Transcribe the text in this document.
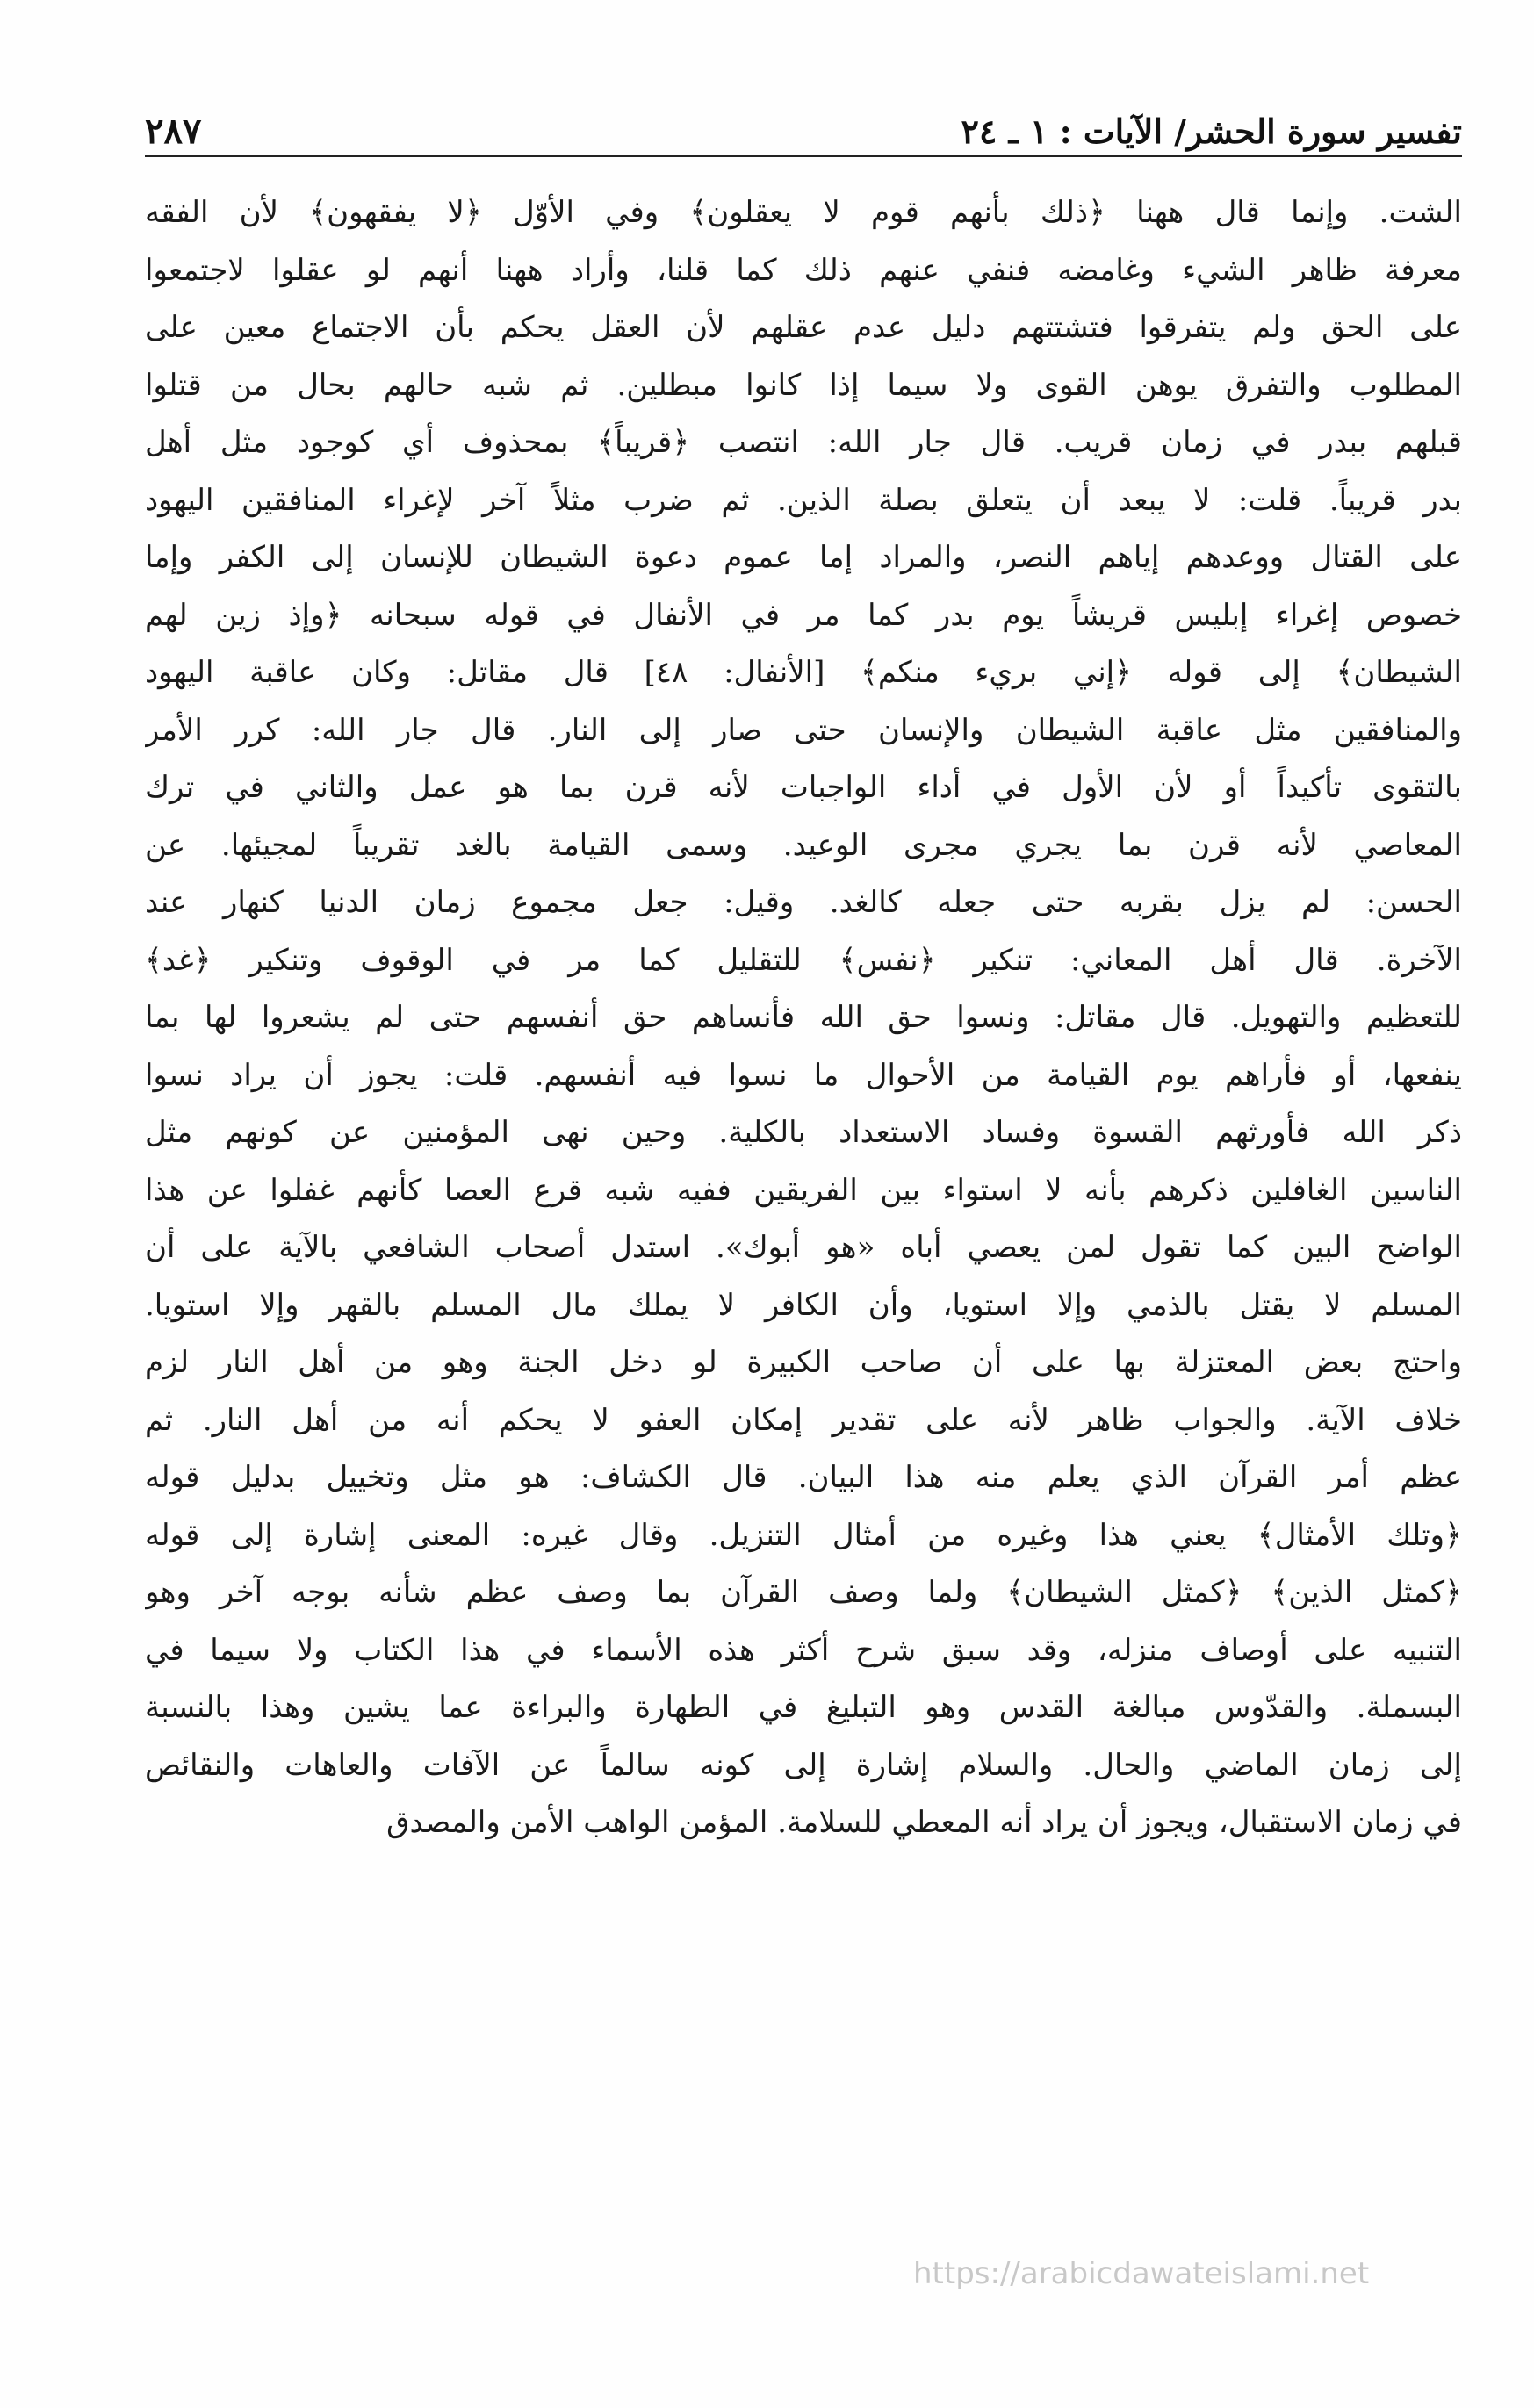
تفسير سورة الحشر/ الآيات : ١ ـ ٢٤
٢٨٧
الشت. وإنما قال ههنا ﴿ذلك بأنهم قوم لا يعقلون﴾ وفي الأوّل ﴿لا يفقهون﴾ لأن الفقه
معرفة ظاهر الشيء وغامضه فنفي عنهم ذلك كما قلنا، وأراد ههنا أنهم لو عقلوا لاجتمعوا
على الحق ولم يتفرقوا فتشتتهم دليل عدم عقلهم لأن العقل يحكم بأن الاجتماع معين على
المطلوب والتفرق يوهن القوى ولا سيما إذا كانوا مبطلين. ثم شبه حالهم بحال من قتلوا
قبلهم ببدر في زمان قريب. قال جار الله: انتصب ﴿قريباً﴾ بمحذوف أي كوجود مثل أهل
بدر قريباً. قلت: لا يبعد أن يتعلق بصلة الذين. ثم ضرب مثلاً آخر لإغراء المنافقين اليهود
على القتال ووعدهم إياهم النصر، والمراد إما عموم دعوة الشيطان للإنسان إلى الكفر وإما
خصوص إغراء إبليس قريشاً يوم بدر كما مر في الأنفال في قوله سبحانه ﴿وإذ زين لهم
الشيطان﴾ إلى قوله ﴿إني بريء منكم﴾ [الأنفال: ٤٨] قال مقاتل: وكان عاقبة اليهود
والمنافقين مثل عاقبة الشيطان والإنسان حتى صار إلى النار. قال جار الله: كرر الأمر
بالتقوى تأكيداً أو لأن الأول في أداء الواجبات لأنه قرن بما هو عمل والثاني في ترك
المعاصي لأنه قرن بما يجري مجرى الوعيد. وسمى القيامة بالغد تقريباً لمجيئها. عن
الحسن: لم يزل بقربه حتى جعله كالغد. وقيل: جعل مجموع زمان الدنيا كنهار عند
الآخرة. قال أهل المعاني: تنكير ﴿نفس﴾ للتقليل كما مر في الوقوف وتنكير ﴿غد﴾
للتعظيم والتهويل. قال مقاتل: ونسوا حق الله فأنساهم حق أنفسهم حتى لم يشعروا لها بما
ينفعها، أو فأراهم يوم القيامة من الأحوال ما نسوا فيه أنفسهم. قلت: يجوز أن يراد نسوا
ذكر الله فأورثهم القسوة وفساد الاستعداد بالكلية. وحين نهى المؤمنين عن كونهم مثل
الناسين الغافلين ذكرهم بأنه لا استواء بين الفريقين ففيه شبه قرع العصا كأنهم غفلوا عن هذا
الواضح البين كما تقول لمن يعصي أباه «هو أبوك». استدل أصحاب الشافعي بالآية على أن
المسلم لا يقتل بالذمي وإلا استويا، وأن الكافر لا يملك مال المسلم بالقهر وإلا استويا.
واحتج بعض المعتزلة بها على أن صاحب الكبيرة لو دخل الجنة وهو من أهل النار لزم
خلاف الآية. والجواب ظاهر لأنه على تقدير إمكان العفو لا يحكم أنه من أهل النار. ثم
عظم أمر القرآن الذي يعلم منه هذا البيان. قال الكشاف: هو مثل وتخييل بدليل قوله
﴿وتلك الأمثال﴾ يعني هذا وغيره من أمثال التنزيل. وقال غيره: المعنى إشارة إلى قوله
﴿كمثل الذين﴾ ﴿كمثل الشيطان﴾ ولما وصف القرآن بما وصف عظم شأنه بوجه آخر وهو
التنبيه على أوصاف منزله، وقد سبق شرح أكثر هذه الأسماء في هذا الكتاب ولا سيما في
البسملة. والقدّوس مبالغة القدس وهو التبليغ في الطهارة والبراءة عما يشين وهذا بالنسبة
إلى زمان الماضي والحال. والسلام إشارة إلى كونه سالماً عن الآفات والعاهات والنقائص
في زمان الاستقبال، ويجوز أن يراد أنه المعطي للسلامة. المؤمن الواهب الأمن والمصدق
https://arabicdawateislami.net
